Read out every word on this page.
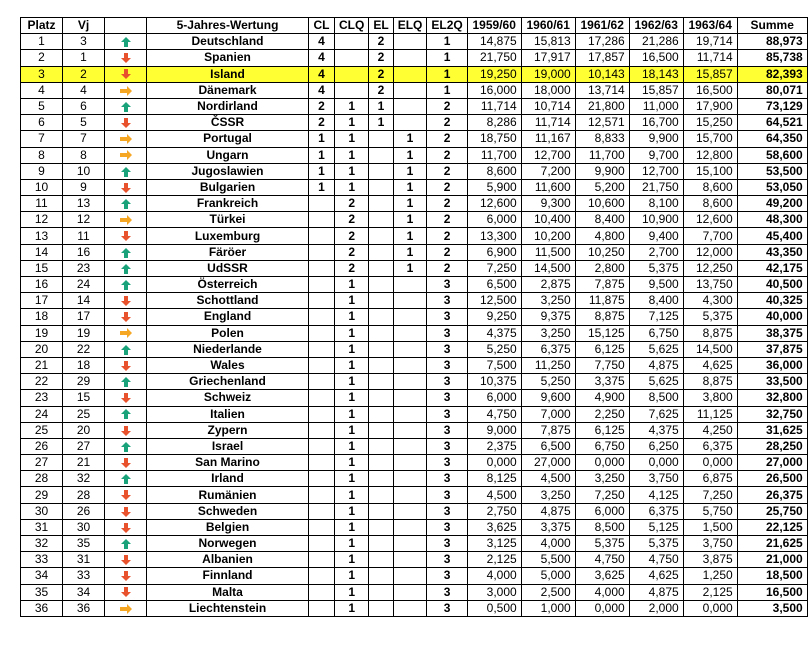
Platz	Vj		5-Jahres-Wertung	CL	CLQ	EL	ELQ	EL2Q	1959/60	1960/61	1961/62	1962/63	1963/64	Summe
1	3		Deutschland	4		2		1	14,875	15,813	17,286	21,286	19,714	88,973
2	1		Spanien	4		2		1	21,750	17,917	17,857	16,500	11,714	85,738
3	2		Island	4		2		1	19,250	19,000	10,143	18,143	15,857	82,393
4	4		Dänemark	4		2		1	16,000	18,000	13,714	15,857	16,500	80,071
5	6		Nordirland	2	1	1		2	11,714	10,714	21,800	11,000	17,900	73,129
6	5		ČSSR	2	1	1		2	8,286	11,714	12,571	16,700	15,250	64,521
7	7		Portugal	1	1		1	2	18,750	11,167	8,833	9,900	15,700	64,350
8	8		Ungarn	1	1		1	2	11,700	12,700	11,700	9,700	12,800	58,600
9	10		Jugoslawien	1	1		1	2	8,600	7,200	9,900	12,700	15,100	53,500
10	9		Bulgarien	1	1		1	2	5,900	11,600	5,200	21,750	8,600	53,050
11	13		Frankreich		2		1	2	12,600	9,300	10,600	8,100	8,600	49,200
12	12		Türkei		2		1	2	6,000	10,400	8,400	10,900	12,600	48,300
13	11		Luxemburg		2		1	2	13,300	10,200	4,800	9,400	7,700	45,400
14	16		Färöer		2		1	2	6,900	11,500	10,250	2,700	12,000	43,350
15	23		UdSSR		2		1	2	7,250	14,500	2,800	5,375	12,250	42,175
16	24		Österreich		1			3	6,500	2,875	7,875	9,500	13,750	40,500
17	14		Schottland		1			3	12,500	3,250	11,875	8,400	4,300	40,325
18	17		England		1			3	9,250	9,375	8,875	7,125	5,375	40,000
19	19		Polen		1			3	4,375	3,250	15,125	6,750	8,875	38,375
20	22		Niederlande		1			3	5,250	6,375	6,125	5,625	14,500	37,875
21	18		Wales		1			3	7,500	11,250	7,750	4,875	4,625	36,000
22	29		Griechenland		1			3	10,375	5,250	3,375	5,625	8,875	33,500
23	15		Schweiz		1			3	6,000	9,600	4,900	8,500	3,800	32,800
24	25		Italien		1			3	4,750	7,000	2,250	7,625	11,125	32,750
25	20		Zypern		1			3	9,000	7,875	6,125	4,375	4,250	31,625
26	27		Israel		1			3	2,375	6,500	6,750	6,250	6,375	28,250
27	21		San Marino		1			3	0,000	27,000	0,000	0,000	0,000	27,000
28	32		Irland		1			3	8,125	4,500	3,250	3,750	6,875	26,500
29	28		Rumänien		1			3	4,500	3,250	7,250	4,125	7,250	26,375
30	26		Schweden		1			3	2,750	4,875	6,000	6,375	5,750	25,750
31	30		Belgien		1			3	3,625	3,375	8,500	5,125	1,500	22,125
32	35		Norwegen		1			3	3,125	4,000	5,375	5,375	3,750	21,625
33	31		Albanien		1			3	2,125	5,500	4,750	4,750	3,875	21,000
34	33		Finnland		1			3	4,000	5,000	3,625	4,625	1,250	18,500
35	34		Malta		1			3	3,000	2,500	4,000	4,875	2,125	16,500
36	36		Liechtenstein		1			3	0,500	1,000	0,000	2,000	0,000	3,500
